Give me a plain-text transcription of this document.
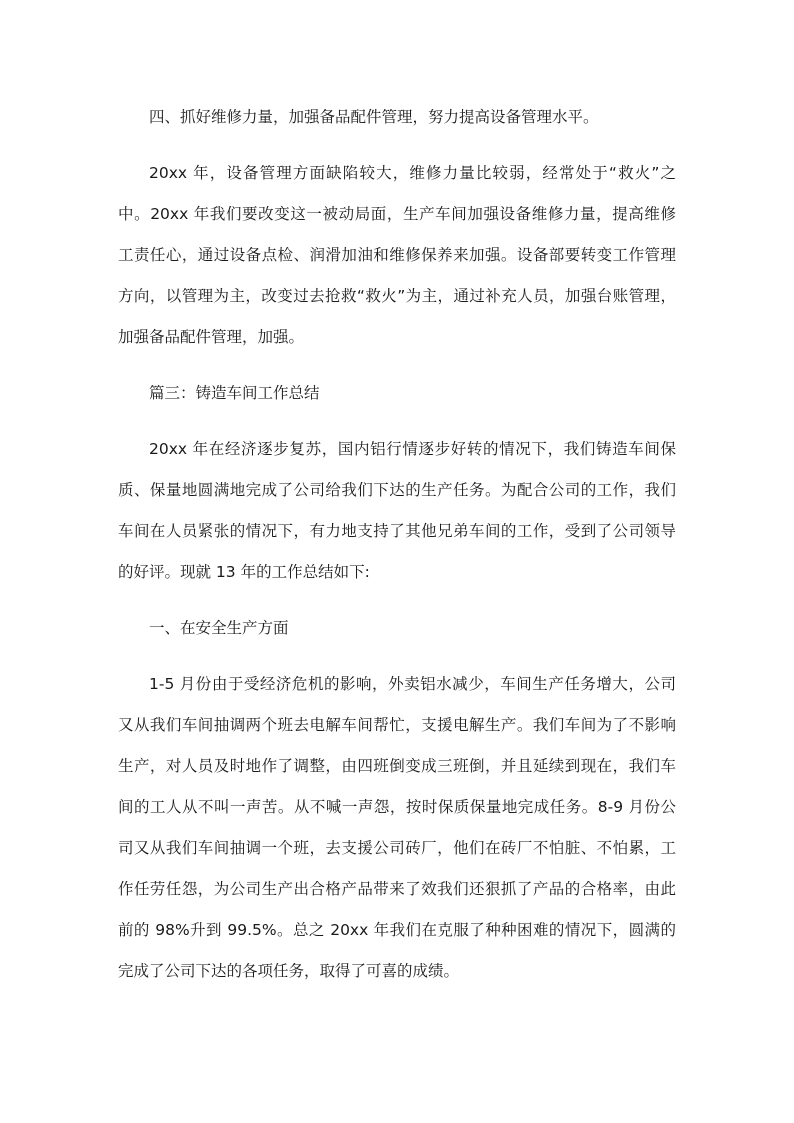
四、抓好维修力量，加强备品配件管理，努力提高设备管理水平。

20xx 年，设备管理方面缺陷较大，维修力量比较弱，经常处于“救火”之
中。20xx 年我们要改变这一被动局面，生产车间加强设备维修力量，提高维修
工责任心，通过设备点检、润滑加油和维修保养来加强。设备部要转变工作管理
方向，以管理为主，改变过去抢救“救火”为主，通过补充人员，加强台账管理，
加强备品配件管理，加强。

篇三：铸造车间工作总结

20xx 年在经济逐步复苏，国内铝行情逐步好转的情况下，我们铸造车间保
质、保量地圆满地完成了公司给我们下达的生产任务。为配合公司的工作，我们
车间在人员紧张的情况下，有力地支持了其他兄弟车间的工作，受到了公司领导
的好评。现就 13 年的工作总结如下:

一、在安全生产方面

1-5 月份由于受经济危机的影响，外卖铝水减少，车间生产任务增大，公司
又从我们车间抽调两个班去电解车间帮忙，支援电解生产。我们车间为了不影响
生产，对人员及时地作了调整，由四班倒变成三班倒，并且延续到现在，我们车
间的工人从不叫一声苦。从不喊一声怨，按时保质保量地完成任务。8-9 月份公
司又从我们车间抽调一个班，去支援公司砖厂，他们在砖厂不怕脏、不怕累，工
作任劳任怨，为公司生产出合格产品带来了效我们还狠抓了产品的合格率，由此
前的 98%升到 99.5%。总之 20xx 年我们在克服了种种困难的情况下，圆满的
完成了公司下达的各项任务，取得了可喜的成绩。
